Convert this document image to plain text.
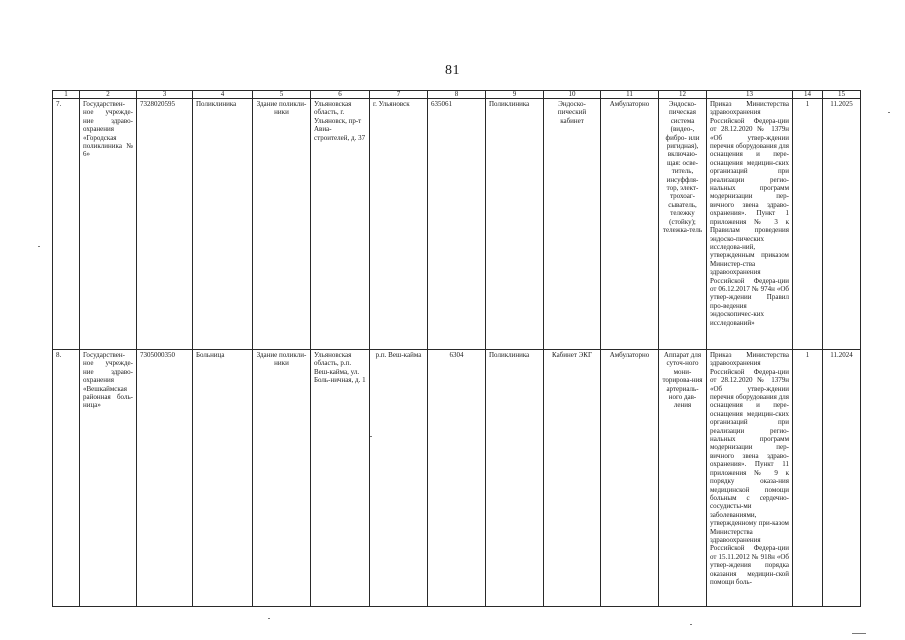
81
1	2	3	4	5	6	7	8	9	10	11	12	13	14	15
7.	Государствен-ное учрежде-ние здраво-охранения «Городская поликлиника № 6»	7328020595	Поликлиника	Здание поликли-ники	Ульяновская область, г. Ульяновск, пр-т Авиа-строителей, д. 37	г. Ульяновск	635061	Поликлиника	Эндоско-пический кабинет	Амбулаторно	Эндоско-пическая система (видео-, фибро- или ригидная), включаю-щая: освe-титель, инсуффля-тор, элект-трохоаг-сыватель, тележку (стойку); тележка-тель	Приказ Министерства здравоохранения Российской Федера-ции от 28.12.2020 № 1379н «Об утвер-ждении перечня оборудования для оснащения и пере-оснащения медицин-ских организаций при реализации регио-нальных программ модернизации пер-вичного звена здраво-охранения». Пункт 1 приложения № 3 к Правилам проведения эндоско-пических исследова-ний, утвержденным приказом Министер-ства здравоохранения Российской Федера-ции от 06.12.2017 № 974н «Об утвер-ждении Правил про-ведения эндоскопичес-ких исследований»	1	11.2025
8.	Государствен-ное учрежде-ние здраво-охранения «Вешкаймская районная боль-ница»	7305000350	Больница	Здание поликли-ники	Ульяновская область, р.п. Веш-кайма, ул. Боль-ничная, д. 1	р.п. Веш-кайма	6304	Поликлиника	Кабинет ЭКГ	Амбулаторно	Аппарат для суточ-ного мони-торирова-ния артериаль-ного дав-ления	Приказ Министерства здравоохранения Российской Федера-ции от 28.12.2020 № 1379н «Об утвер-ждении перечня оборудования для оснащения и пере-оснащения медицин-ских организаций при реализации регио-нальных программ модернизации пер-вичного звена здраво-охранения». Пункт 11 приложения № 9 к порядку оказа-ния медицинской помощи больным с сердечно-сосудисты-ми заболеваниями, утвержденному при-казом Министерства здравоохранения Российской Федера-ции от 15.11.2012 № 918н «Об утвер-ждения порядка оказания медицин-ской помощи боль-	1	11.2024
